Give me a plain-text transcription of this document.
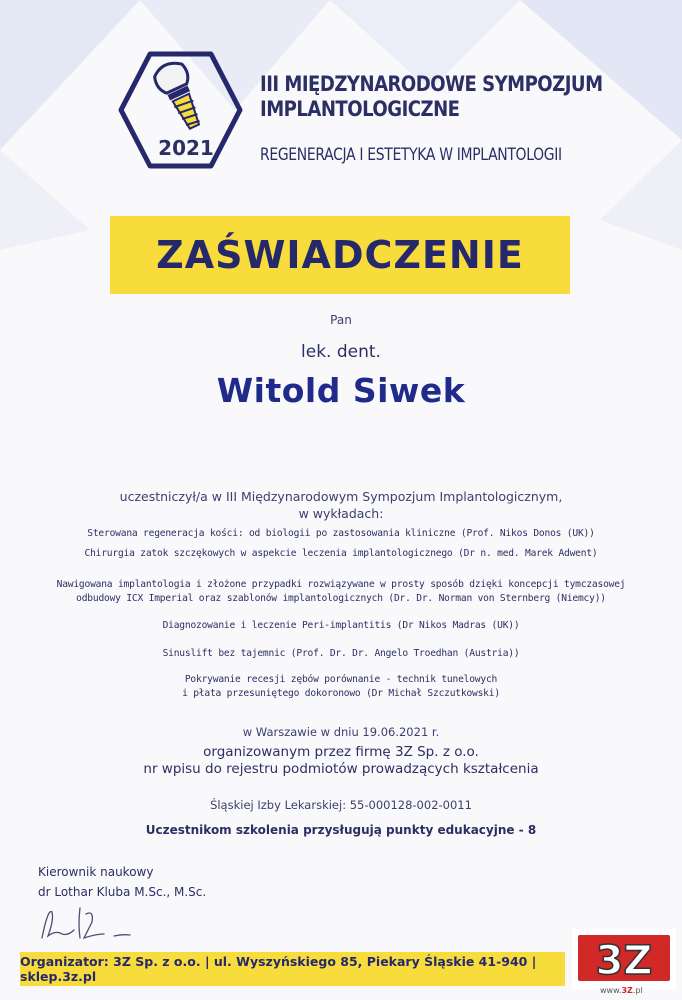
2021
III MIĘDZYNARODOWE SYMPOZJUM
IMPLANTOLOGICZNE
REGENERACJA I ESTETYKA W IMPLANTOLOGII
ZAŚWIADCZENIE
Pan
lek. dent.
Witold Siwek
uczestniczył/a w III Międzynarodowym Sympozjum Implantologicznym,
w wykładach:
Sterowana regeneracja kości: od biologii po zastosowania kliniczne (Prof. Nikos Donos (UK))
Chirurgia zatok szczękowych w aspekcie leczenia implantologicznego (Dr n. med. Marek Adwent)
Nawigowana implantologia i złożone przypadki rozwiązywane w prosty sposób dzięki koncepcji tymczasowej
odbudowy ICX Imperial oraz szablonów implantologicznych (Dr. Dr. Norman von Sternberg (Niemcy))
Diagnozowanie i leczenie Peri-implantitis (Dr Nikos Madras (UK))
Sinuslift bez tajemnic (Prof. Dr. Dr. Angelo Troedhan (Austria))
Pokrywanie recesji zębów porównanie - technik tunelowych
i płata przesuniętego dokoronowo (Dr Michał Szczutkowski)
w Warszawie w dniu 19.06.2021 r.
organizowanym przez firmę 3Z Sp. z o.o.
nr wpisu do rejestru podmiotów prowadzących kształcenia
Śląskiej Izby Lekarskiej: 55-000128-002-0011
Uczestnikom szkolenia przysługują punkty edukacyjne - 8
Kierownik naukowy
dr Lothar Kluba M.Sc., M.Sc.
Organizator: 3Z Sp. z o.o. | ul. Wyszyńskiego 85, Piekary Śląskie 41-940 | sklep.3z.pl	3Z
www.3Z.pl
